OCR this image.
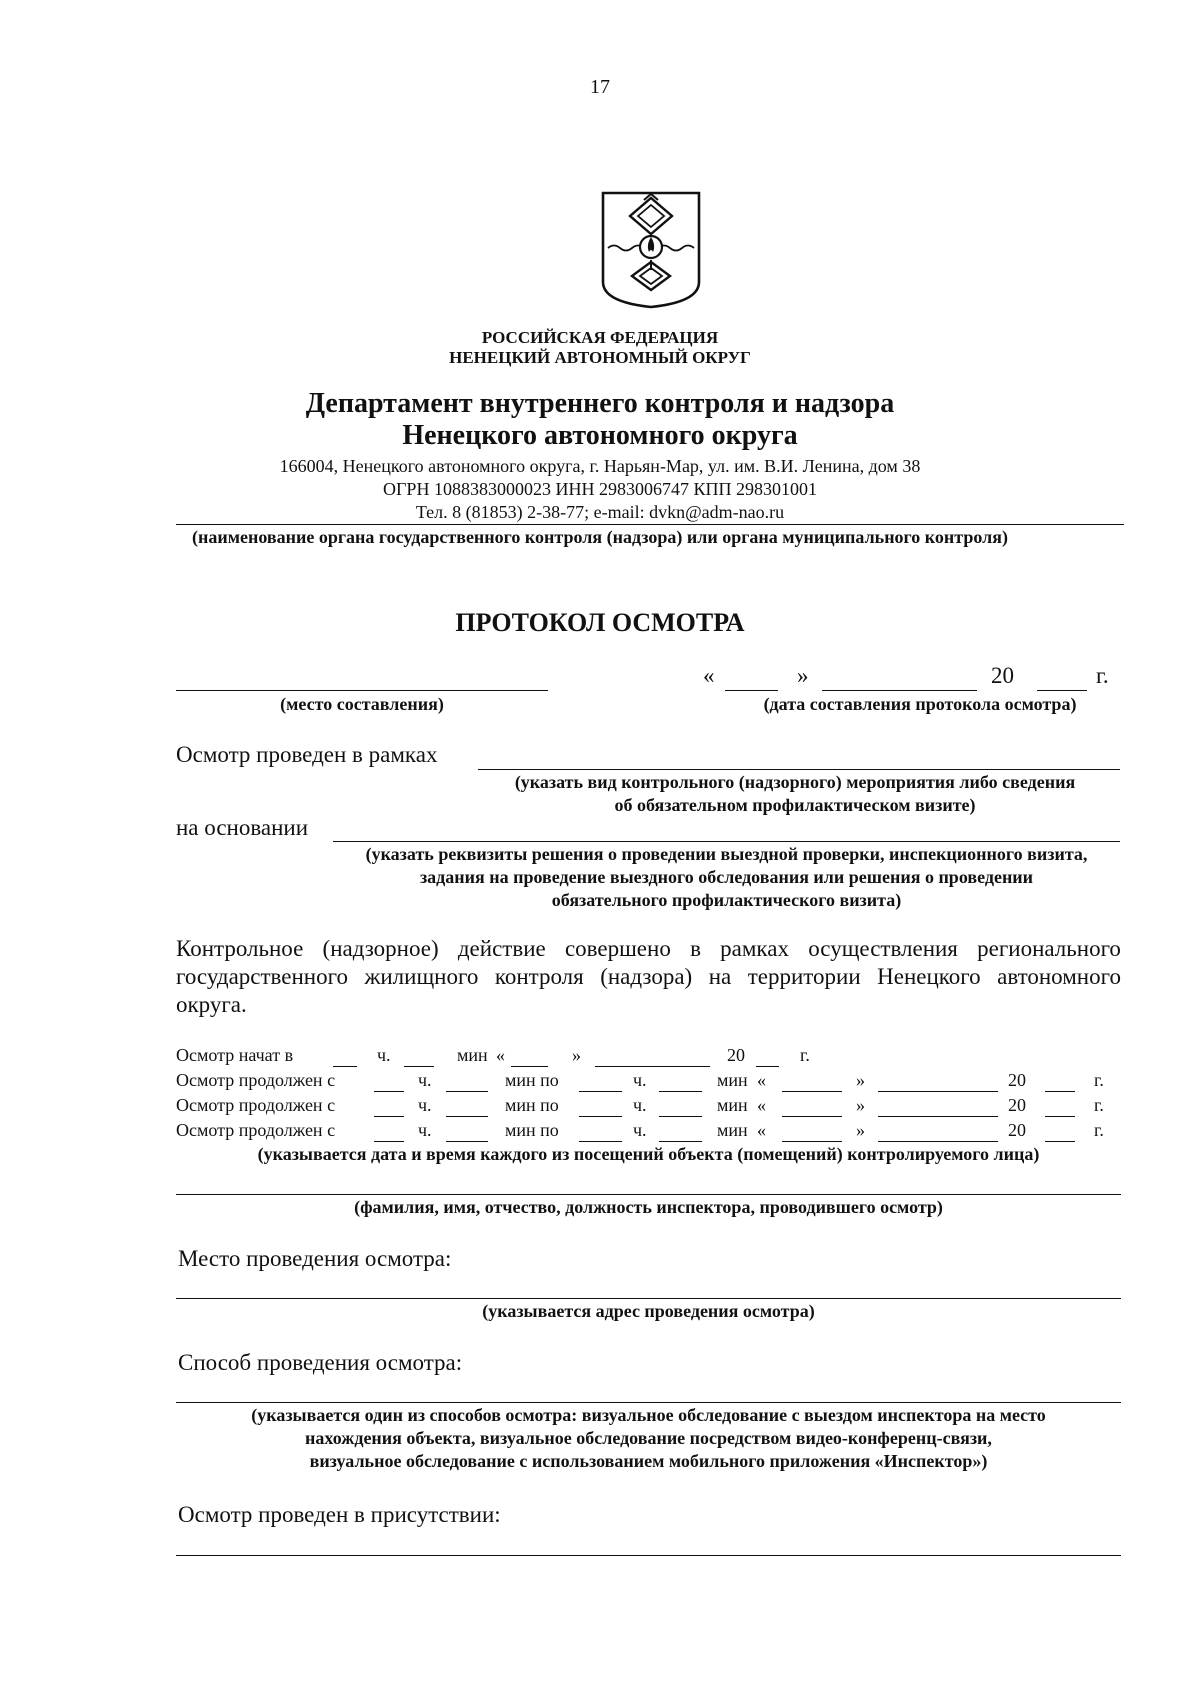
17
РОССИЙСКАЯ ФЕДЕРАЦИЯ
НЕНЕЦКИЙ АВТОНОМНЫЙ ОКРУГ
Департамент внутреннего контроля и надзора
Ненецкого автономного округа
166004, Ненецкого автономного округа, г. Нарьян-Мар, ул. им. В.И. Ленина, дом 38
ОГРН 1088383000023 ИНН 2983006747 КПП 298301001
Тел. 8 (81853) 2-38-77; e-mail: dvkn@adm-nao.ru
(наименование органа государственного контроля (надзора) или органа муниципального контроля)
ПРОТОКОЛ ОСМОТРА
(место составления)
«	»	20	г.
(дата составления протокола осмотра)
Осмотр проведен в рамках
(указать вид контрольного (надзорного) мероприятия либо сведения
об обязательном профилактическом визите)
на основании
(указать реквизиты решения о проведении выездной проверки, инспекционного визита,
задания на проведение выездного обследования или решения о проведении
обязательного профилактического визита)
Контрольное (надзорное) действие совершено в рамках осуществления регионального
государственного жилищного контроля (надзора) на территории Ненецкого автономного
округа.
Осмотр начат в	ч.	мин «	»	20	г.
Осмотр продолжен с	ч.	мин по	ч.	мин «	»	20	г.
Осмотр продолжен с	ч.	мин по	ч.	мин «	»	20	г.
Осмотр продолжен с	ч.	мин по	ч.	мин «	»	20	г.
(указывается дата и время каждого из посещений объекта (помещений) контролируемого лица)
(фамилия, имя, отчество, должность инспектора, проводившего осмотр)
Место проведения осмотра:
(указывается адрес проведения осмотра)
Способ проведения осмотра:
(указывается один из способов осмотра: визуальное обследование с выездом инспектора на место
нахождения объекта, визуальное обследование посредством видео-конференц-связи,
визуальное обследование с использованием мобильного приложения «Инспектор»)
Осмотр проведен в присутствии:
